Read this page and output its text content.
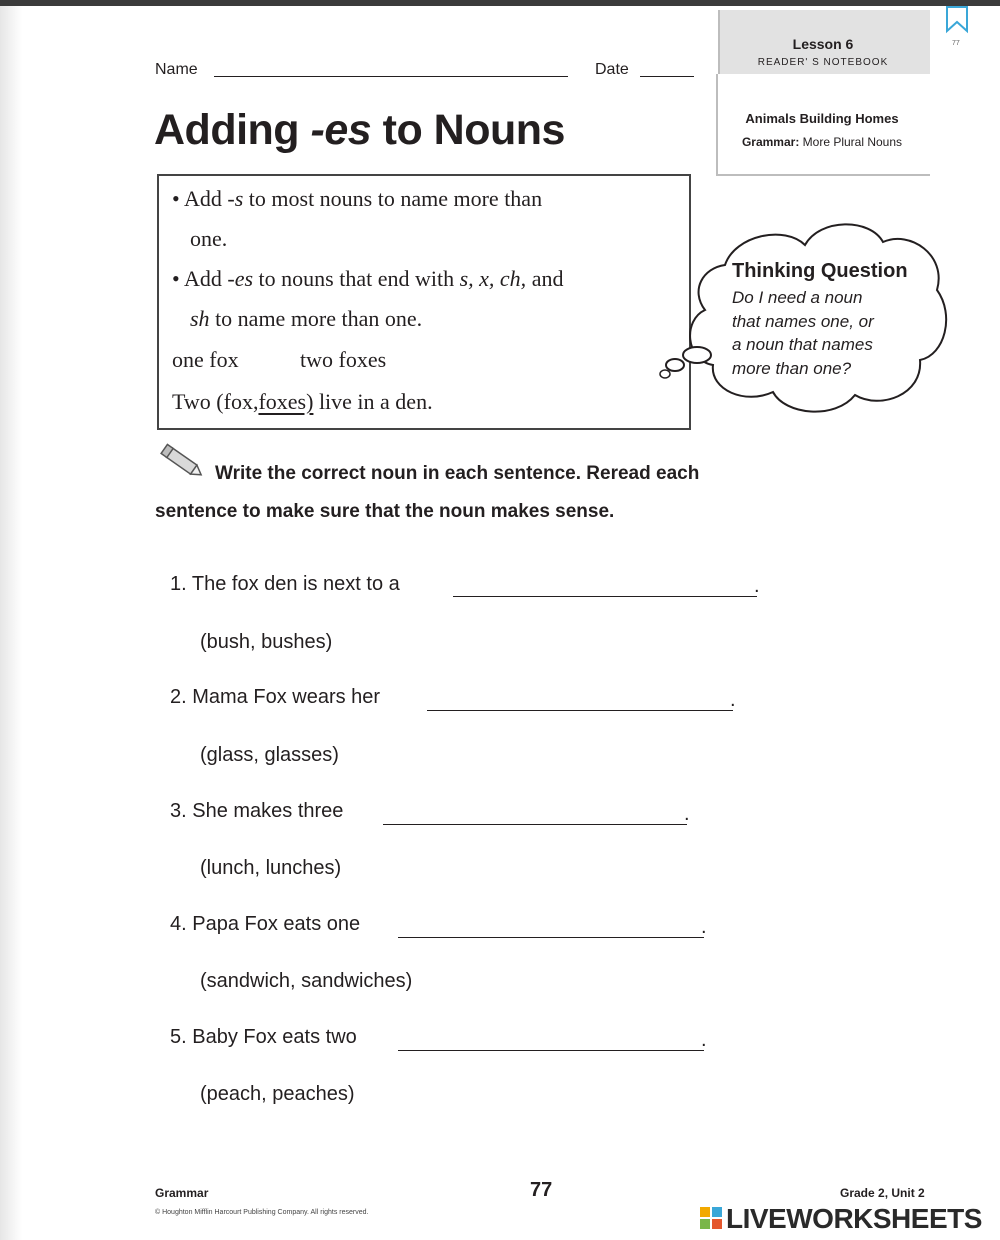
Name	Date
Lesson 6
READER' S NOTEBOOK
Animals Building Homes
Grammar: More Plural Nouns
77
Adding -es to Nouns
• Add -s to most nouns to name more than
one.
• Add -es to nouns that end with s, x, ch, and
sh to name more than one.
one fox	two foxes
Two (fox,foxes) live in a den.
Thinking Question
Do I need a noun
that names one, or
a noun that names
more than one?
Write the correct noun in each sentence. Reread each
sentence to make sure that the noun makes sense.
1. The fox den is next to a	.
(bush, bushes)
2. Mama Fox wears her	.
(glass, glasses)
3. She makes three	.
(lunch, lunches)
4. Papa Fox eats one	.
(sandwich, sandwiches)
5. Baby Fox eats two	.
(peach, peaches)
Grammar	77	Grade 2, Unit 2
© Houghton Mifflin Harcourt Publishing Company. All rights reserved.	LIVEWORKSHEETS
